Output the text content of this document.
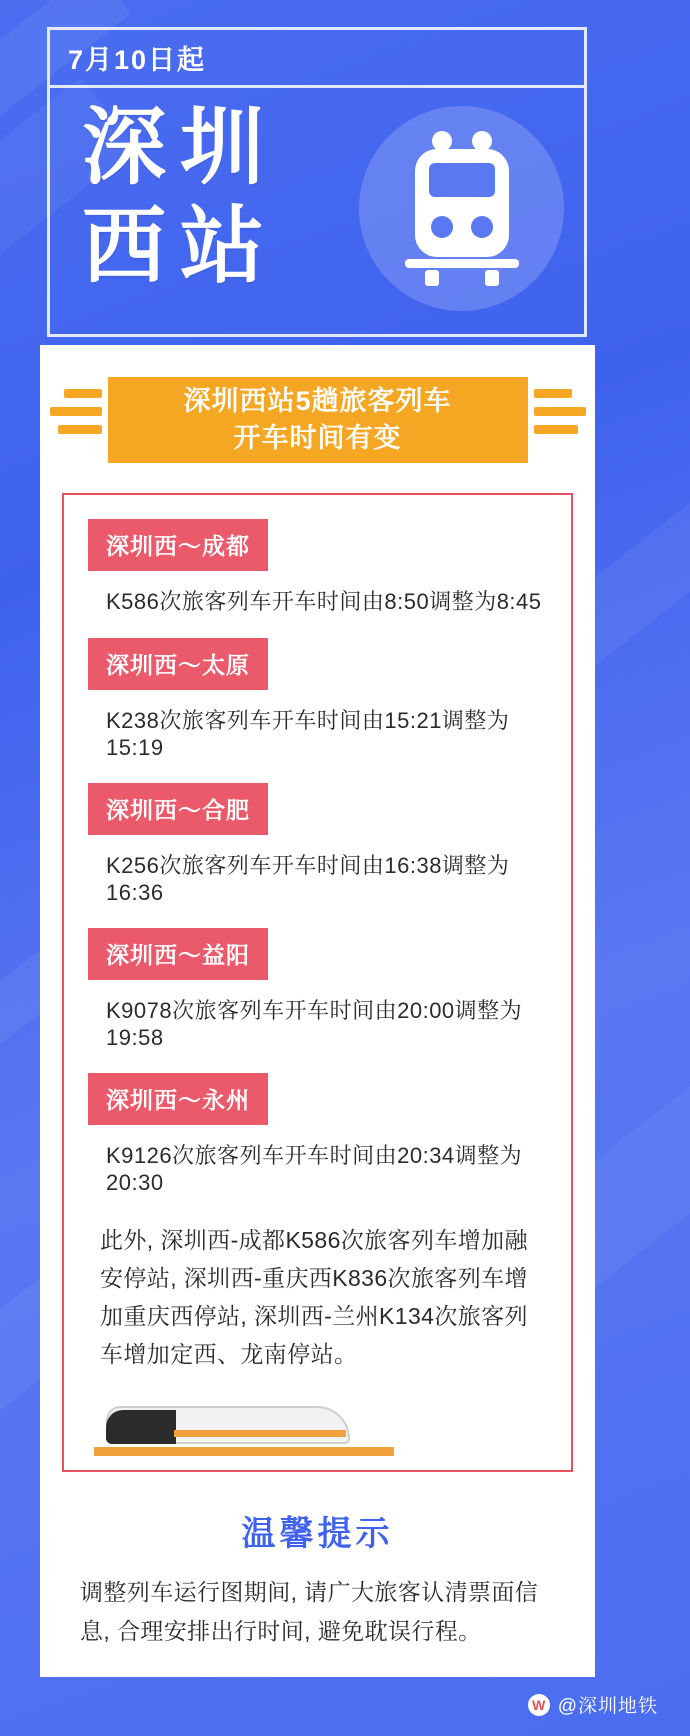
7月10日起
深圳
西站
深圳西站5趟旅客列车
开车时间有变
深圳西～成都
K586次旅客列车开车时间由8:50调整为8:45
深圳西～太原
K238次旅客列车开车时间由15:21调整为15:19
深圳西～合肥
K256次旅客列车开车时间由16:38调整为16:36
深圳西～益阳
K9078次旅客列车开车时间由20:00调整为19:58
深圳西～永州
K9126次旅客列车开车时间由20:34调整为20:30
此外, 深圳西-成都K586次旅客列车增加融安停站, 深圳西-重庆西K836次旅客列车增加重庆西停站, 深圳西-兰州K134次旅客列车增加定西、龙南停站。
温馨提示
调整列车运行图期间, 请广大旅客认清票面信息, 合理安排出行时间, 避免耽误行程。
W @深圳地铁
